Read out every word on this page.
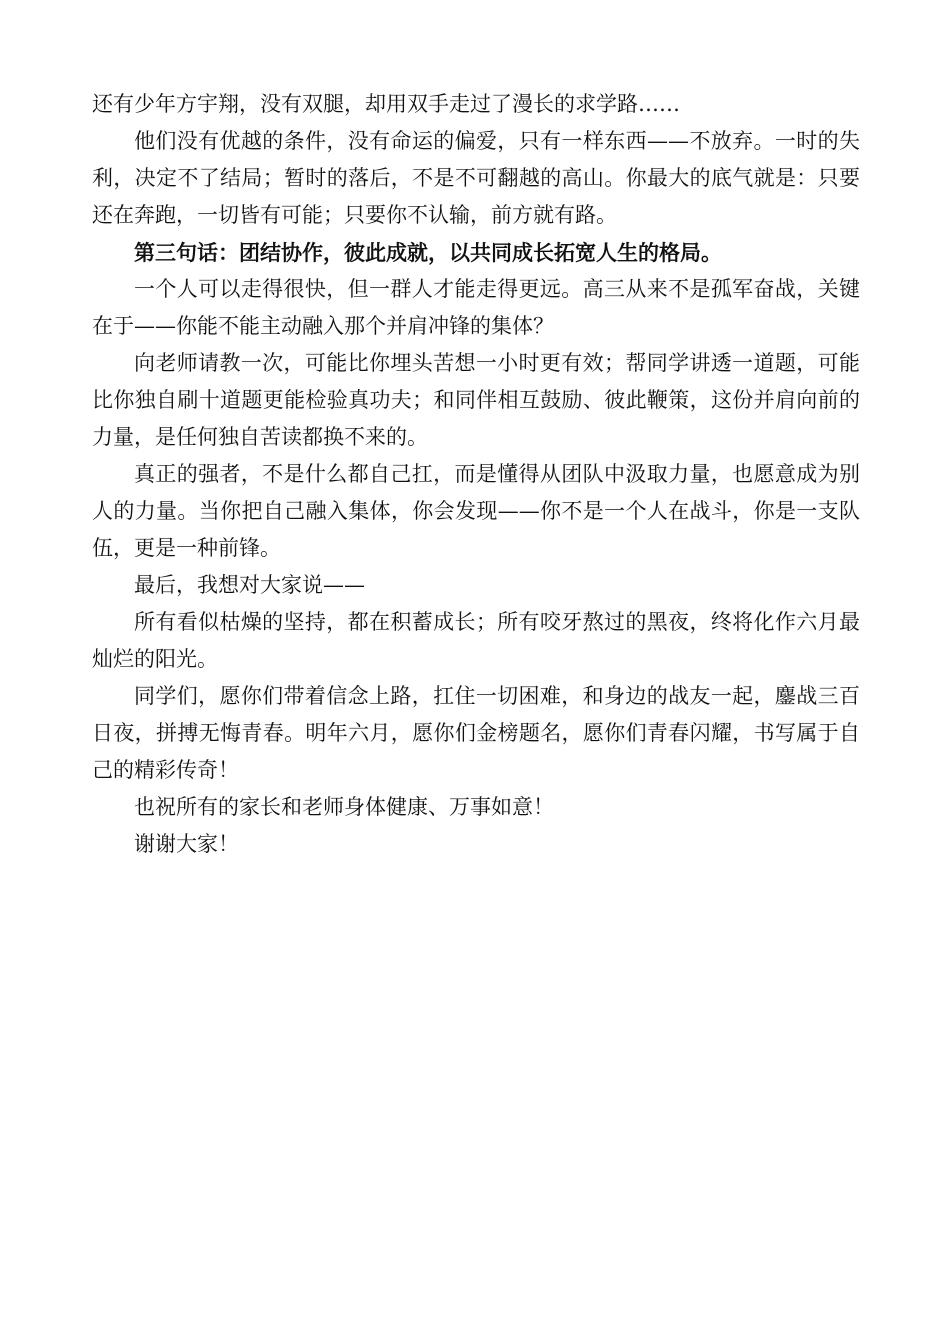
还有少年方宇翔，没有双腿，却用双手走过了漫长的求学路……

他们没有优越的条件，没有命运的偏爱，只有一样东西——不放弃。一时的失利，决定不了结局；暂时的落后，不是不可翻越的高山。你最大的底气就是：只要还在奔跑，一切皆有可能；只要你不认输，前方就有路。

第三句话：团结协作，彼此成就，以共同成长拓宽人生的格局。

一个人可以走得很快，但一群人才能走得更远。高三从来不是孤军奋战，关键在于——你能不能主动融入那个并肩冲锋的集体？

向老师请教一次，可能比你埋头苦想一小时更有效；帮同学讲透一道题，可能比你独自刷十道题更能检验真功夫；和同伴相互鼓励、彼此鞭策，这份并肩向前的力量，是任何独自苦读都换不来的。

真正的强者，不是什么都自己扛，而是懂得从团队中汲取力量，也愿意成为别人的力量。当你把自己融入集体，你会发现——你不是一个人在战斗，你是一支队伍，更是一种前锋。

最后，我想对大家说——

所有看似枯燥的坚持，都在积蓄成长；所有咬牙熬过的黑夜，终将化作六月最灿烂的阳光。

同学们，愿你们带着信念上路，扛住一切困难，和身边的战友一起，鏖战三百日夜，拼搏无悔青春。明年六月，愿你们金榜题名，愿你们青春闪耀，书写属于自己的精彩传奇！

也祝所有的家长和老师身体健康、万事如意！

谢谢大家！
